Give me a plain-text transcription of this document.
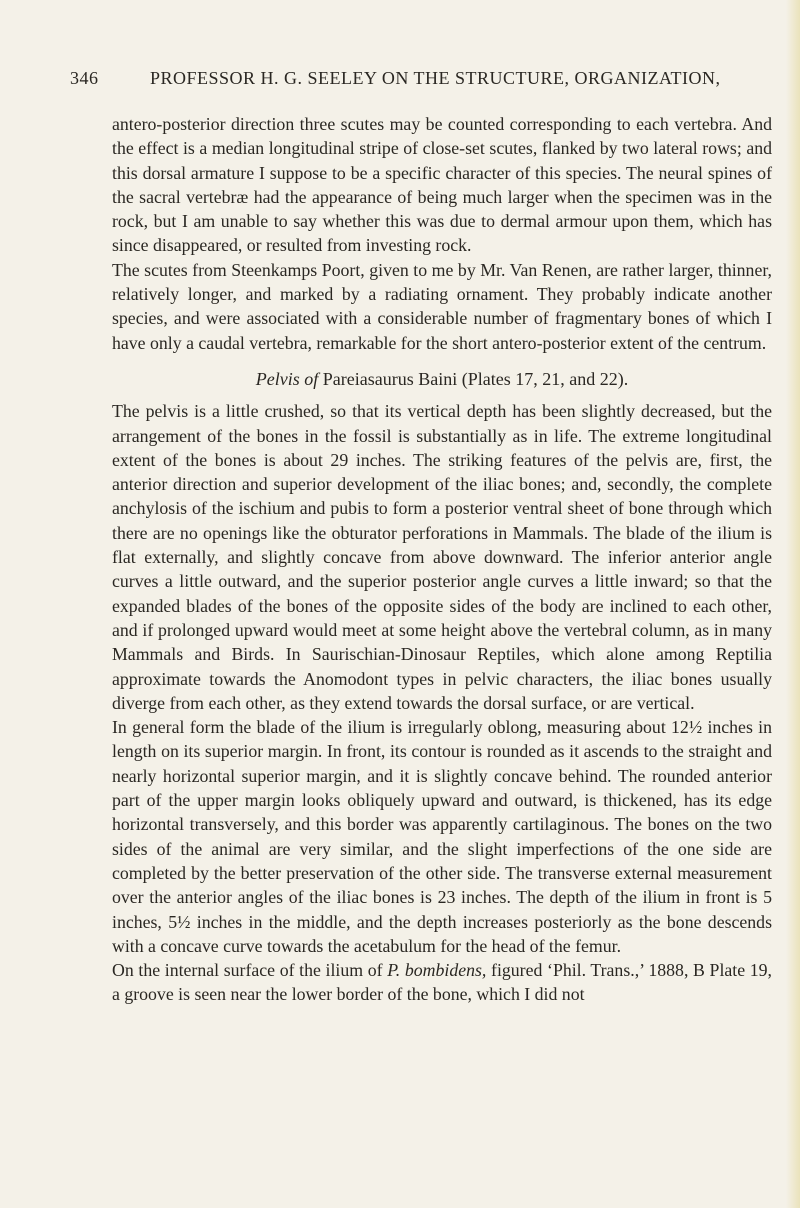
346	PROFESSOR H. G. SEELEY ON THE STRUCTURE, ORGANIZATION,

antero-posterior direction three scutes may be counted corresponding to each vertebra. And the effect is a median longitudinal stripe of close-set scutes, flanked by two lateral rows; and this dorsal armature I suppose to be a specific character of this species. The neural spines of the sacral vertebræ had the appearance of being much larger when the specimen was in the rock, but I am unable to say whether this was due to dermal armour upon them, which has since disappeared, or resulted from investing rock.

The scutes from Steenkamps Poort, given to me by Mr. Van Renen, are rather larger, thinner, relatively longer, and marked by a radiating ornament. They probably indicate another species, and were associated with a considerable number of fragmentary bones of which I have only a caudal vertebra, remarkable for the short antero-posterior extent of the centrum.

Pelvis of Pareiasaurus Baini (Plates 17, 21, and 22).

The pelvis is a little crushed, so that its vertical depth has been slightly decreased, but the arrangement of the bones in the fossil is substantially as in life. The extreme longitudinal extent of the bones is about 29 inches. The striking features of the pelvis are, first, the anterior direction and superior development of the iliac bones; and, secondly, the complete anchylosis of the ischium and pubis to form a posterior ventral sheet of bone through which there are no openings like the obturator perforations in Mammals. The blade of the ilium is flat externally, and slightly concave from above downward. The inferior anterior angle curves a little outward, and the superior posterior angle curves a little inward; so that the expanded blades of the bones of the opposite sides of the body are inclined to each other, and if prolonged upward would meet at some height above the vertebral column, as in many Mammals and Birds. In Saurischian-Dinosaur Reptiles, which alone among Reptilia approximate towards the Anomodont types in pelvic characters, the iliac bones usually diverge from each other, as they extend towards the dorsal surface, or are vertical.

In general form the blade of the ilium is irregularly oblong, measuring about 12½ inches in length on its superior margin. In front, its contour is rounded as it ascends to the straight and nearly horizontal superior margin, and it is slightly concave behind. The rounded anterior part of the upper margin looks obliquely upward and outward, is thickened, has its edge horizontal transversely, and this border was apparently cartilaginous. The bones on the two sides of the animal are very similar, and the slight imperfections of the one side are completed by the better preservation of the other side. The transverse external measurement over the anterior angles of the iliac bones is 23 inches. The depth of the ilium in front is 5 inches, 5½ inches in the middle, and the depth increases posteriorly as the bone descends with a concave curve towards the acetabulum for the head of the femur.

On the internal surface of the ilium of P. bombidens, figured ‘Phil. Trans.,’ 1888, B Plate 19, a groove is seen near the lower border of the bone, which I did not
